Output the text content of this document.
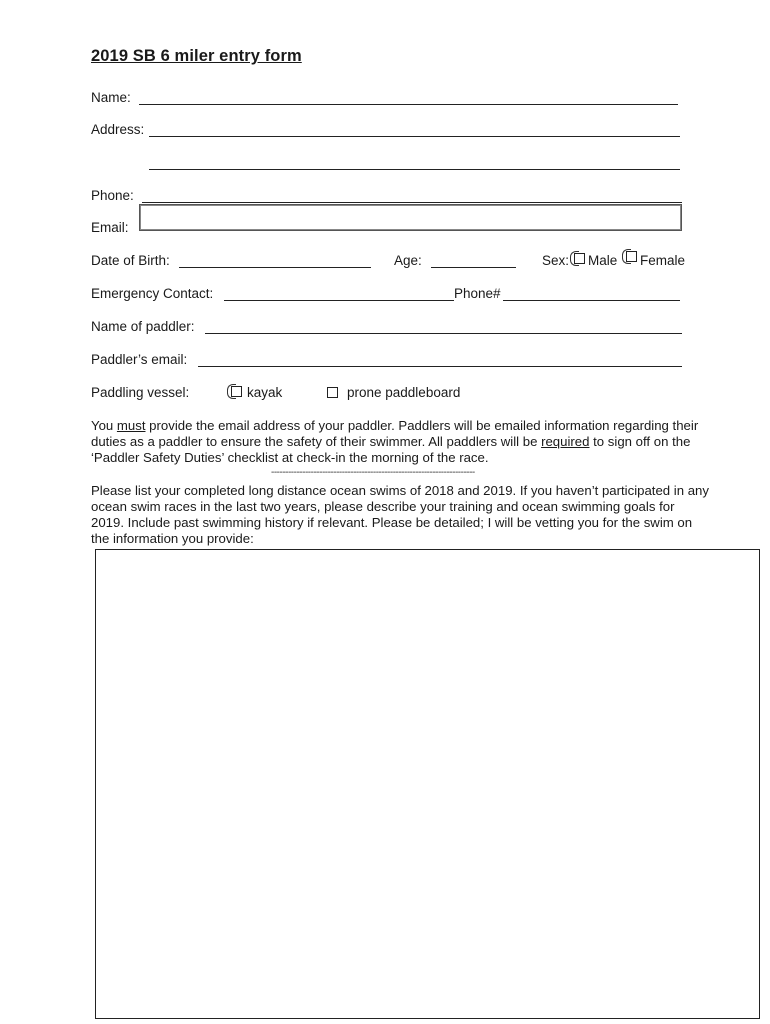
2019 SB 6 miler entry form
Name:
Address:
Phone:
Email:
Date of Birth:	Age:	Sex: Male Female
Emergency Contact:	Phone#
Name of paddler:
Paddler’s email:
Paddling vessel:	kayak	prone paddleboard
You must provide the email address of your paddler. Paddlers will be emailed information regarding their duties as a paddler to ensure the safety of their swimmer. All paddlers will be required to sign off on the ‘Paddler Safety Duties’ checklist at check-in the morning of the race.
------------------------------------------------------------------------
Please list your completed long distance ocean swims of 2018 and 2019. If you haven’t participated in any ocean swim races in the last two years, please describe your training and ocean swimming goals for 2019. Include past swimming history if relevant. Please be detailed; I will be vetting you for the swim on the information you provide:
